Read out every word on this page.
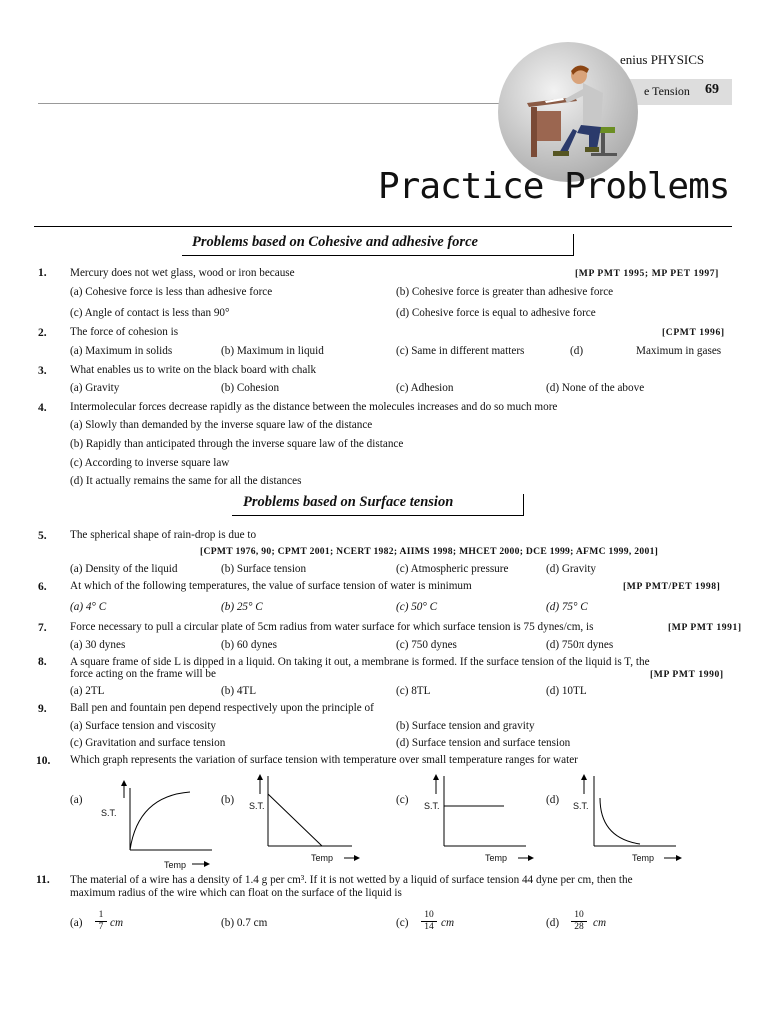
enius PHYSICS
e Tension 69
Practice Problems
Problems based on Cohesive and adhesive force
1. Mercury does not wet glass, wood or iron because	[MP PMT 1995; MP PET 1997]
(a) Cohesive force is less than adhesive force	(b) Cohesive force is greater than adhesive force
(c) Angle of contact is less than 90°	(d) Cohesive force is equal to adhesive force
2. The force of cohesion is	[CPMT 1996]
(a) Maximum in solids	(b) Maximum in liquid	(c) Same in different matters	(d)	Maximum in gases
3. What enables us to write on the black board with chalk
(a) Gravity	(b) Cohesion	(c) Adhesion	(d) None of the above
4. Intermolecular forces decrease rapidly as the distance between the molecules increases and do so much more
(a) Slowly than demanded by the inverse square law of the distance
(b) Rapidly than anticipated through the inverse square law of the distance
(c) According to inverse square law
(d) It actually remains the same for all the distances
Problems based on Surface tension
5. The spherical shape of rain-drop is due to
[CPMT 1976, 90; CPMT 2001; NCERT 1982; AIIMS 1998; MHCET 2000; DCE 1999; AFMC 1999, 2001]
(a) Density of the liquid	(b) Surface tension	(c) Atmospheric pressure	(d) Gravity
6. At which of the following temperatures, the value of surface tension of water is minimum	[MP PMT/PET 1998]
(a) 4° C	(b) 25° C	(c) 50° C	(d) 75° C
7. Force necessary to pull a circular plate of 5cm radius from water surface for which surface tension is 75 dynes/cm, is	[MP PMT 1991]
(a) 30 dynes	(b) 60 dynes	(c) 750 dynes	(d) 750π dynes
8. A square frame of side L is dipped in a liquid. On taking it out, a membrane is formed. If the surface tension of the liquid is T, the
force acting on the frame will be	[MP PMT 1990]
(a) 2TL	(b) 4TL	(c) 8TL	(d) 10TL
9. Ball pen and fountain pen depend respectively upon the principle of
(a) Surface tension and viscosity	(b) Surface tension and gravity
(c) Gravitation and surface tension	(d) Surface tension and surface tension
10. Which graph represents the variation of surface tension with temperature over small temperature ranges for water
(a)
S.T.
Temp
(b) S.T.
Temp
(c) S.T.
Temp
(d) S.T.
Temp
11. The material of a wire has a density of 1.4 g per cm³. If it is not wetted by a liquid of surface tension 44 dyne per cm, then the
maximum radius of the wire which can float on the surface of the liquid is
$(a) \frac{1}{7}$ cm	(b) 0.7 cm	$(c) \frac{10}{14}$ cm	$(d) \frac{10}{28}$ cm
